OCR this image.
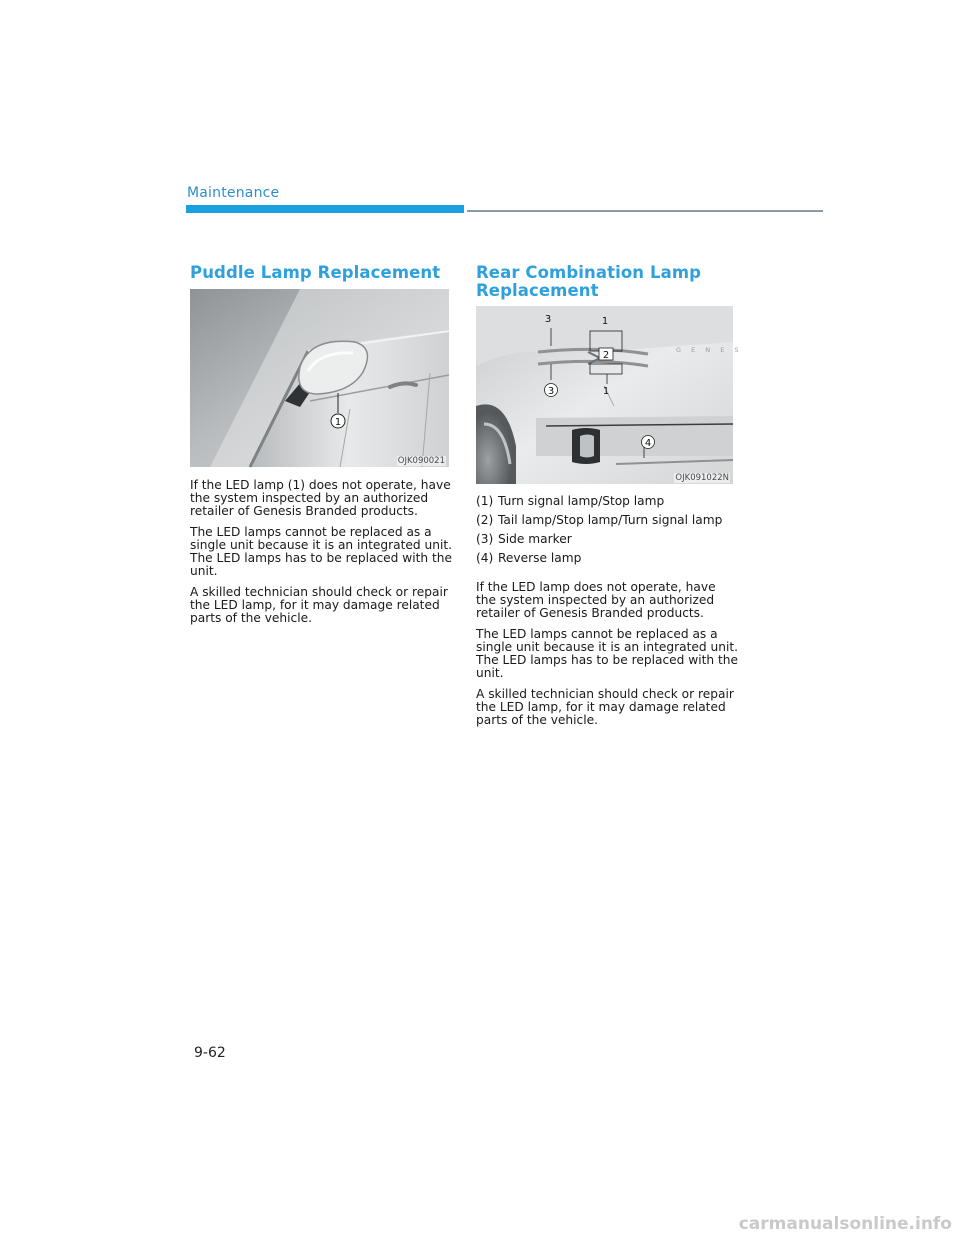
Maintenance
Puddle Lamp Replacement
1
OJK090021

If the LED lamp (1) does not operate, have the system inspected by an authorized retailer of Genesis Branded products.

The LED lamps cannot be replaced as a single unit because it is an integrated unit. The LED lamps has to be replaced with the unit.

A skilled technician should check or repair the LED lamp, for it may damage related parts of the vehicle.

Rear Combination Lamp Replacement
G E N E S
3	1
2
3	1
4
OJK091022N
(1) Turn signal lamp/Stop lamp
(2) Tail lamp/Stop lamp/Turn signal lamp
(3) Side marker
(4) Reverse lamp

If the LED lamp does not operate, have the system inspected by an authorized retailer of Genesis Branded products.

The LED lamps cannot be replaced as a single unit because it is an integrated unit. The LED lamps has to be replaced with the unit.

A skilled technician should check or repair the LED lamp, for it may damage related parts of the vehicle.

9-62
carmanualsonline.info
